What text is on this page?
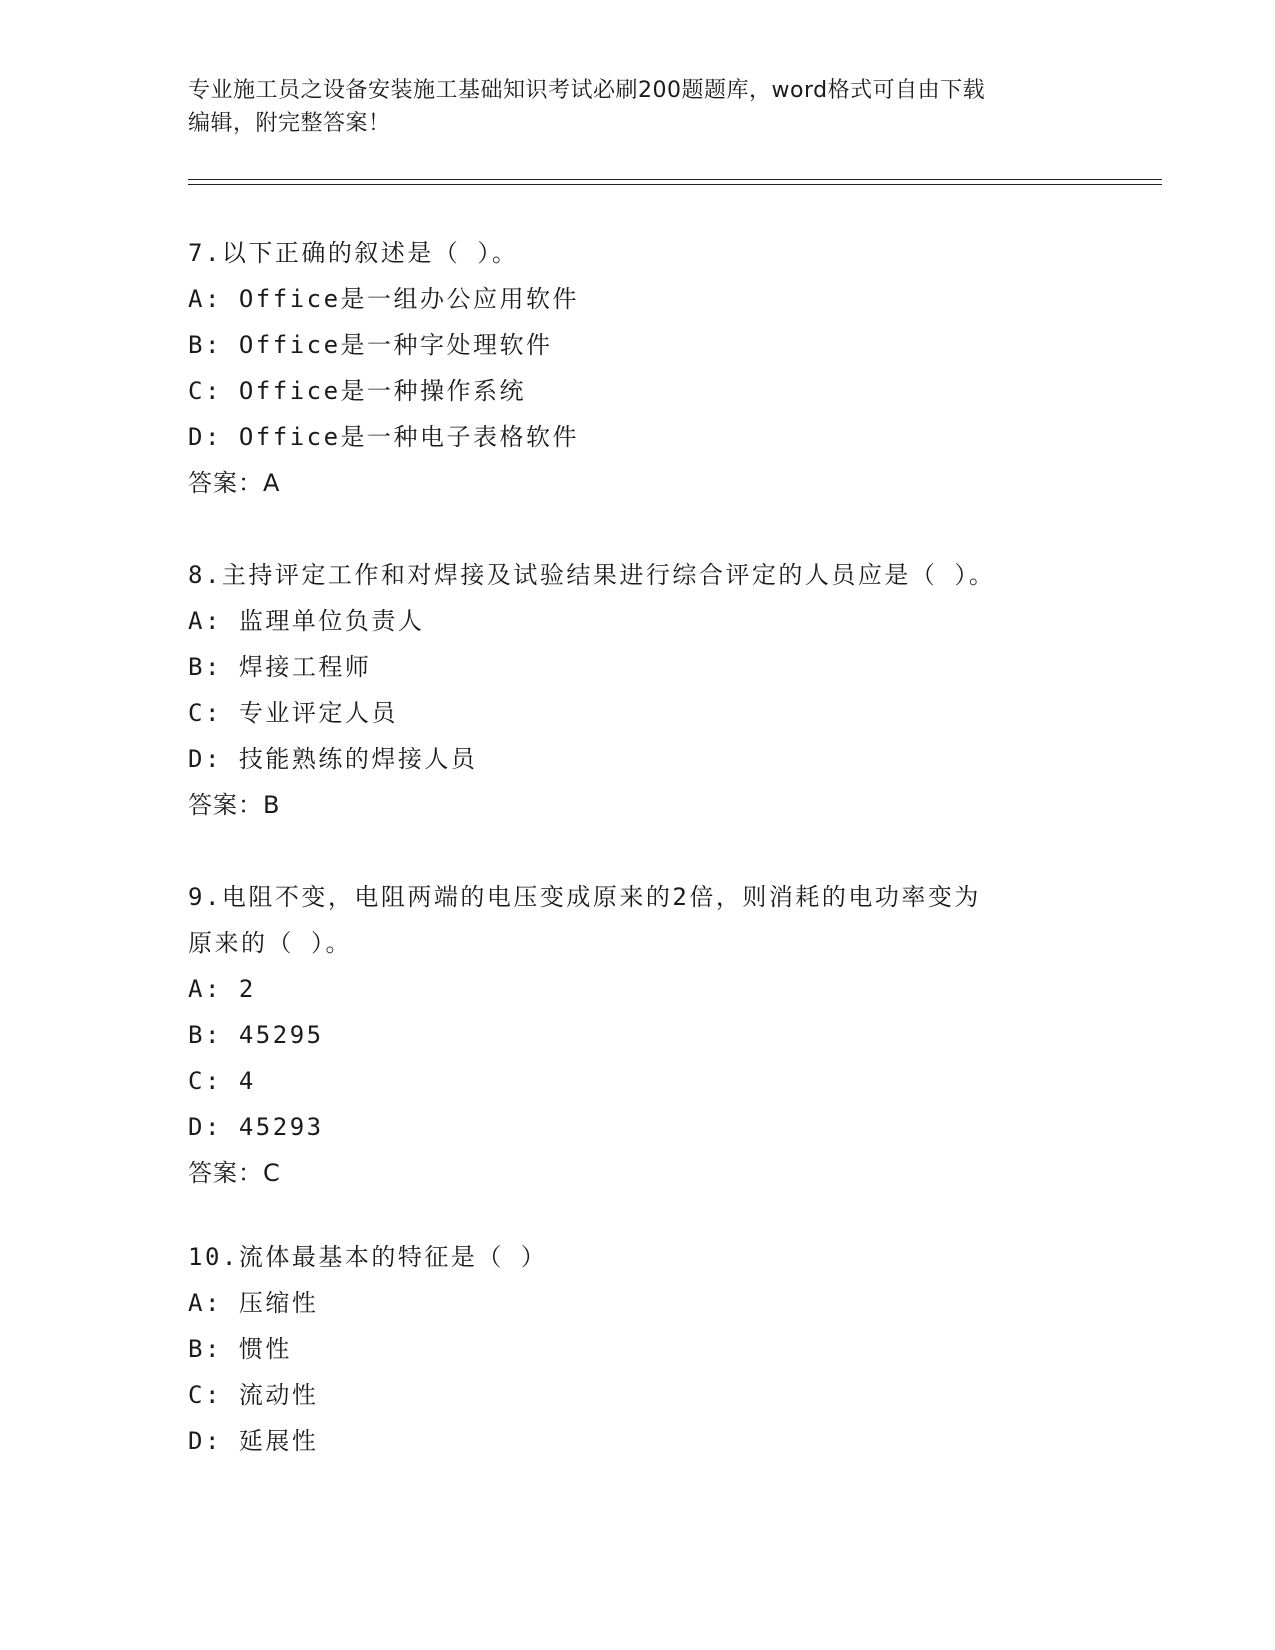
专业施工员之设备安装施工基础知识考试必刷200题题库，word格式可自由下载
编辑，附完整答案！
7.以下正确的叙述是（ ）。
A: Office是一组办公应用软件
B: Office是一种字处理软件
C: Office是一种操作系统
D: Office是一种电子表格软件
答案：A
8.主持评定工作和对焊接及试验结果进行综合评定的人员应是（ ）。
A: 监理单位负责人
B: 焊接工程师
C: 专业评定人员
D: 技能熟练的焊接人员
答案：B
9.电阻不变，电阻两端的电压变成原来的2倍，则消耗的电功率变为
原来的（ ）。
A: 2
B: 45295
C: 4
D: 45293
答案：C
10.流体最基本的特征是（ ）
A: 压缩性
B: 惯性
C: 流动性
D: 延展性
